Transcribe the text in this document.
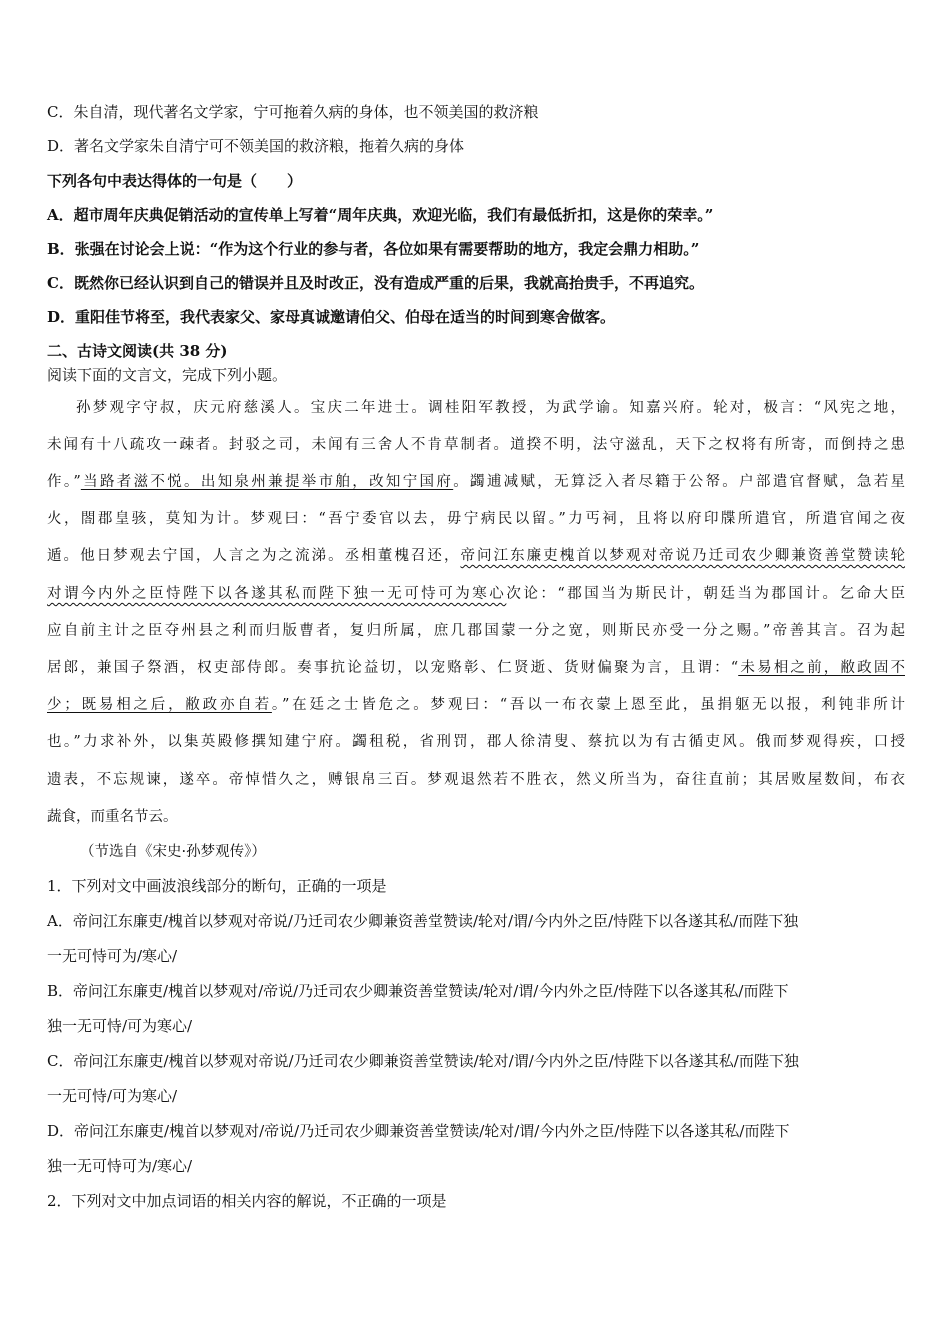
C．朱自清，现代著名文学家，宁可拖着久病的身体，也不领美国的救济粮
D．著名文学家朱自清宁可不领美国的救济粮，拖着久病的身体
下列各句中表达得体的一句是（　　）
A．超市周年庆典促销活动的宣传单上写着“周年庆典，欢迎光临，我们有最低折扣，这是你的荣幸。”
B．张强在讨论会上说：“作为这个行业的参与者，各位如果有需要帮助的地方，我定会鼎力相助。”
C．既然你已经认识到自己的错误并且及时改正，没有造成严重的后果，我就高抬贵手，不再追究。
D．重阳佳节将至，我代表家父、家母真诚邀请伯父、伯母在适当的时间到寒舍做客。
二、古诗文阅读(共 38 分)
阅读下面的文言文，完成下列小题。
孙梦观字守叔，庆元府慈溪人。宝庆二年进士。调桂阳军教授，为武学谕。知嘉兴府。轮对，极言：“风宪之地，
未闻有十八疏攻一疎者。封驳之司，未闻有三舍人不肯草制者。道揆不明，法守滋乱，天下之权将有所寄，而倒持之患
作。”当路者滋不悦。出知泉州兼提举市舶，改知宁国府。蠲逋减赋，无算泛入者尽籍于公帑。户部遣官督赋，急若星
火，閤郡皇骇，莫知为计。梦观曰：“吾宁委官以去，毋宁病民以留。”力丐祠，且将以府印牒所遣官，所遣官闻之夜
遁。他日梦观去宁国，人言之为之流涕。丞相董槐召还，帝问江东廉吏槐首以梦观对帝说乃迁司农少卿兼资善堂赞读轮
对谓今内外之臣恃陛下以各遂其私而陛下独一无可恃可为寒心次论：“郡国当为斯民计，朝廷当为郡国计。乞命大臣
应自前主计之臣夺州县之利而归版曹者，复归所属，庶几郡国蒙一分之宽，则斯民亦受一分之赐。”帝善其言。召为起
居郎，兼国子祭酒，权吏部侍郎。奏事抗论益切，以宠赂彰、仁贤逝、货财偏聚为言，且谓：“未易相之前，敝政固不
少；既易相之后，敝政亦自若。”在廷之士皆危之。梦观曰：“吾以一布衣蒙上恩至此，虽捐躯无以报，利钝非所计
也。”力求补外，以集英殿修撰知建宁府。蠲租税，省刑罚，郡人徐清叟、蔡抗以为有古循吏风。俄而梦观得疾，口授
遗表，不忘规谏，遂卒。帝悼惜久之，赙银帛三百。梦观退然若不胜衣，然义所当为，奋往直前；其居败屋数间，布衣
蔬食，而重名节云。
（节选自《宋史·孙梦观传》）
1．下列对文中画波浪线部分的断句，正确的一项是
A．帝问江东廉吏/槐首以梦观对帝说/乃迁司农少卿兼资善堂赞读/轮对/谓/今内外之臣/恃陛下以各遂其私/而陛下独
一无可恃可为/寒心/
B．帝问江东廉吏/槐首以梦观对/帝说/乃迁司农少卿兼资善堂赞读/轮对/谓/今内外之臣/恃陛下以各遂其私/而陛下
独一无可恃/可为寒心/
C．帝问江东廉吏/槐首以梦观对帝说/乃迁司农少卿兼资善堂赞读/轮对/谓/今内外之臣/恃陛下以各遂其私/而陛下独
一无可恃/可为寒心/
D．帝问江东廉吏/槐首以梦观对/帝说/乃迁司农少卿兼资善堂赞读/轮对/谓/今内外之臣/恃陛下以各遂其私/而陛下
独一无可恃可为/寒心/
2．下列对文中加点词语的相关内容的解说，不正确的一项是
